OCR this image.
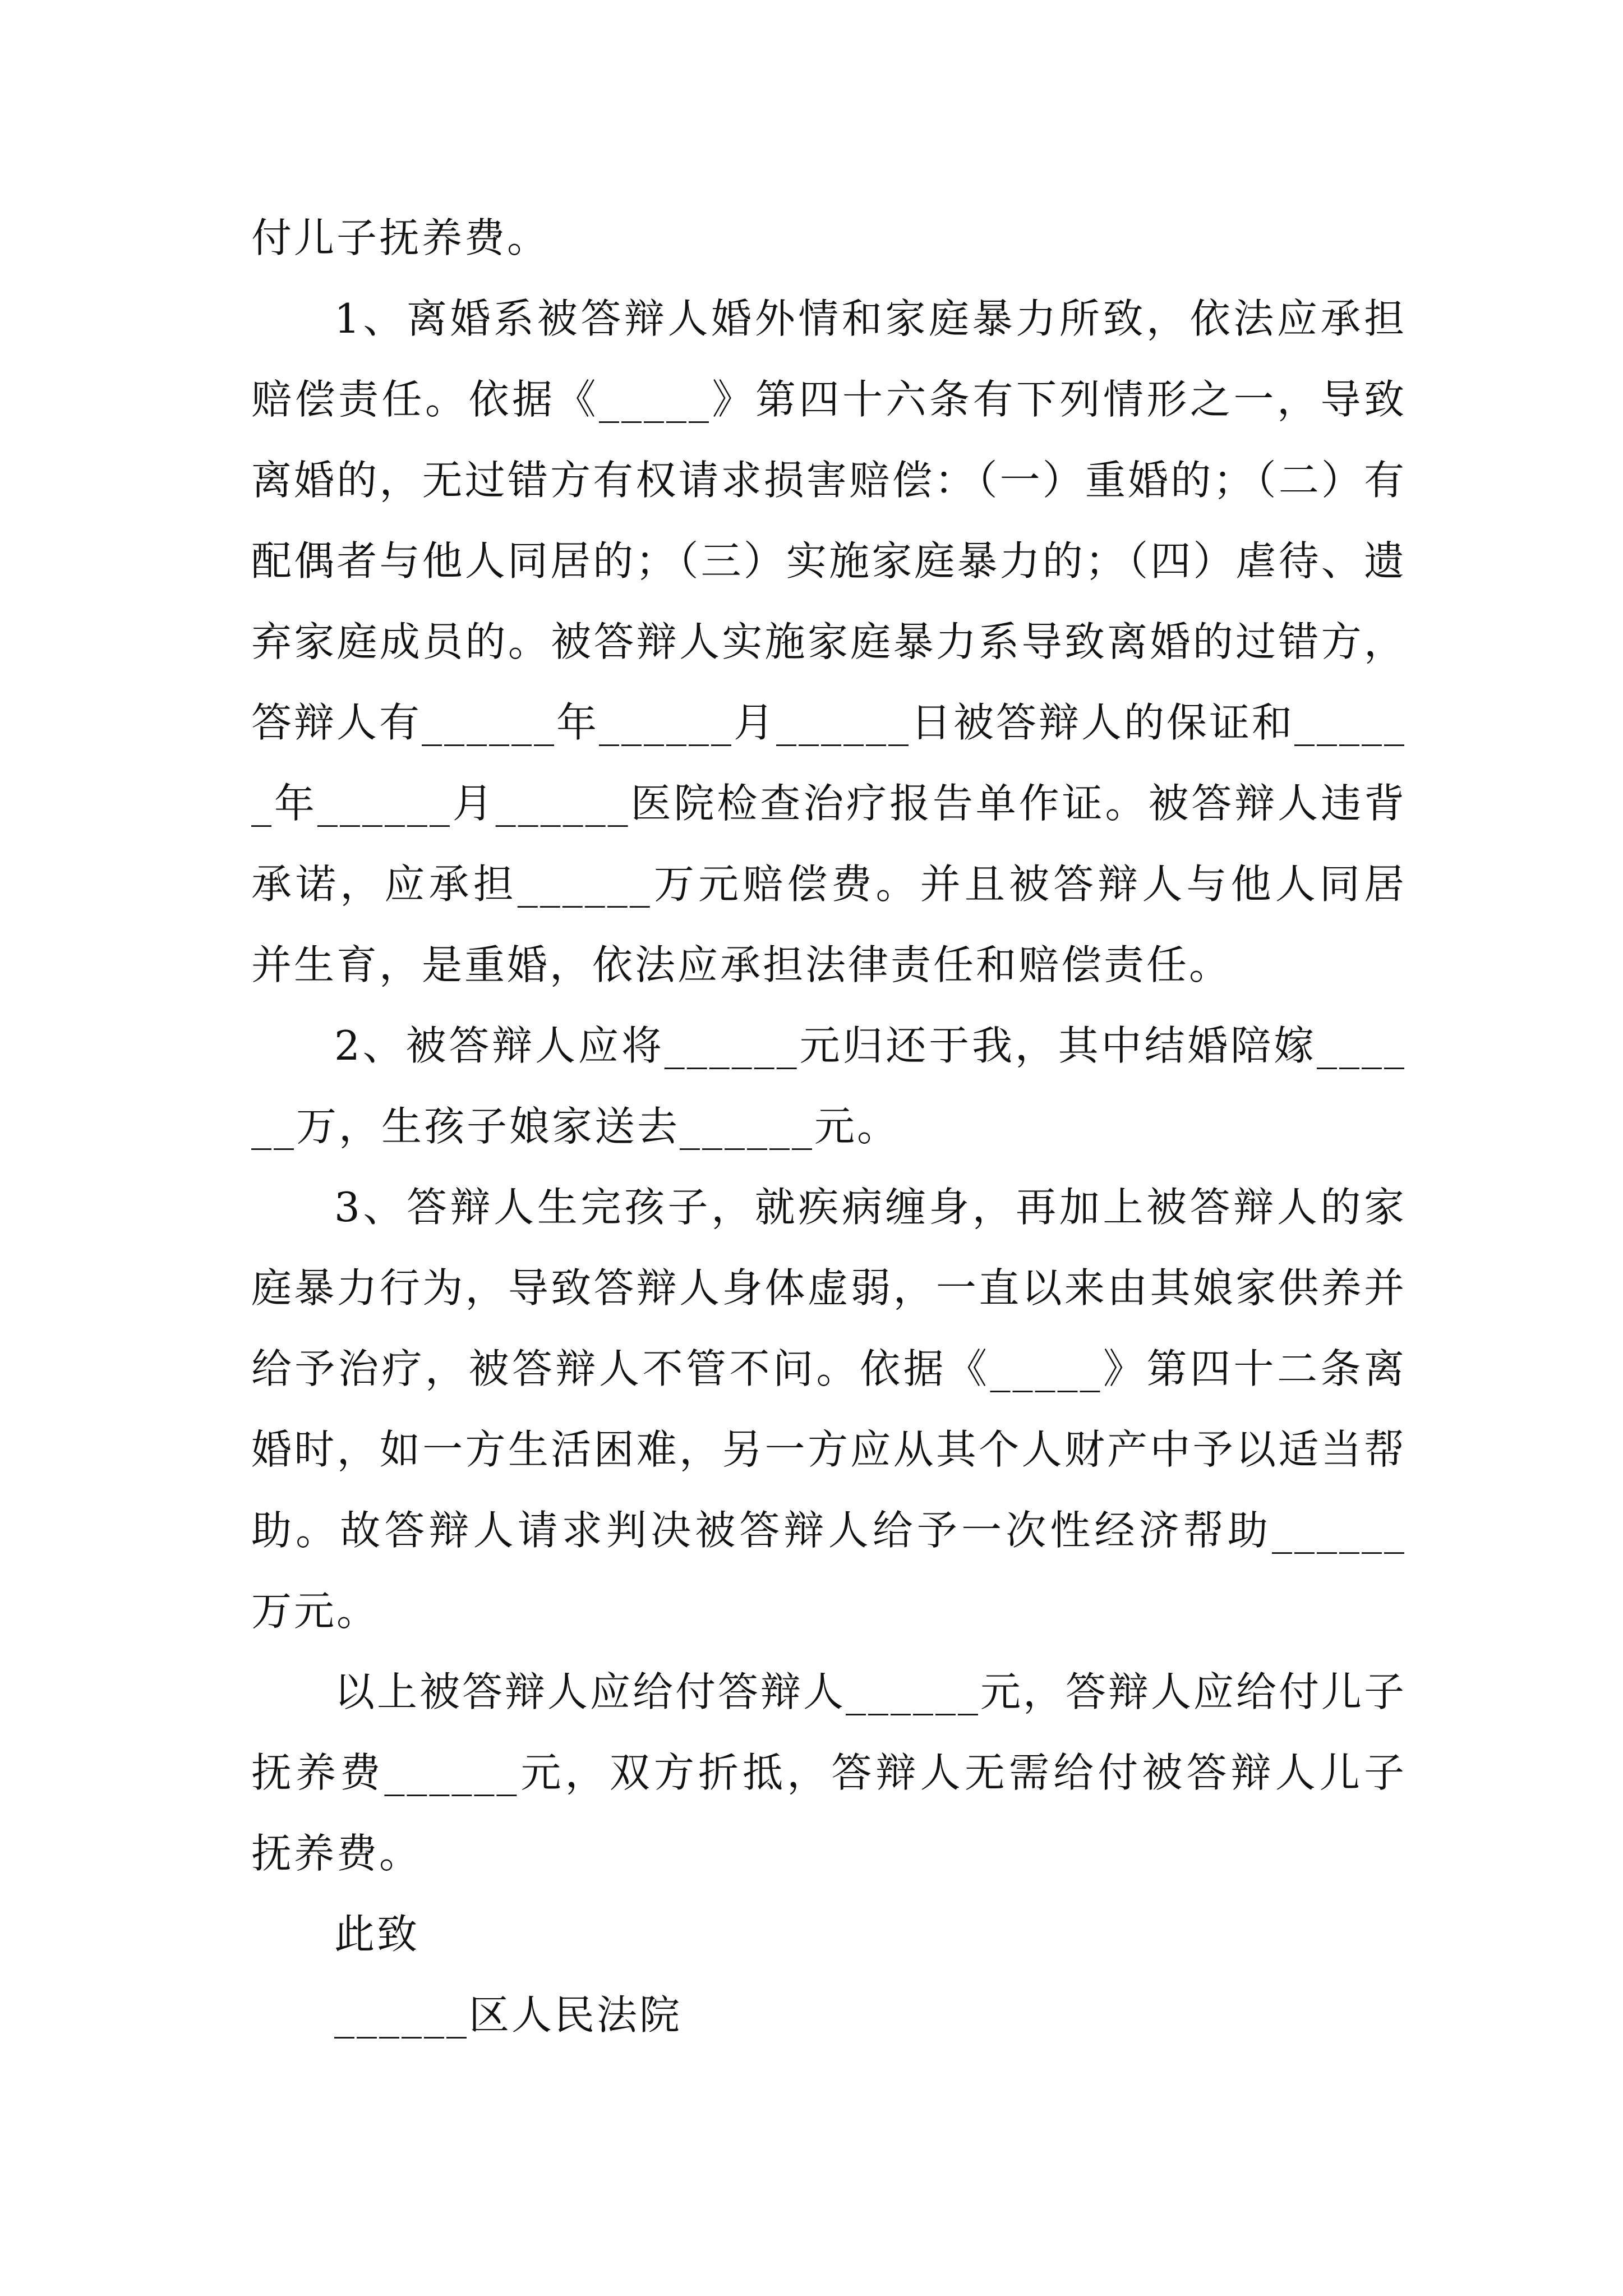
付儿子抚养费。

1、离婚系被答辩人婚外情和家庭暴力所致，依法应承担赔偿责任。依据《_____》第四十六条有下列情形之一，导致离婚的，无过错方有权请求损害赔偿：（一）重婚的；（二）有配偶者与他人同居的；（三）实施家庭暴力的；（四）虐待、遗弃家庭成员的。被答辩人实施家庭暴力系导致离婚的过错方，答辩人有______年______月______日被答辩人的保证和______年______月______医院检查治疗报告单作证。被答辩人违背承诺，应承担______万元赔偿费。并且被答辩人与他人同居并生育，是重婚，依法应承担法律责任和赔偿责任。

2、被答辩人应将______元归还于我，其中结婚陪嫁______万，生孩子娘家送去______元。

3、答辩人生完孩子，就疾病缠身，再加上被答辩人的家庭暴力行为，导致答辩人身体虚弱，一直以来由其娘家供养并给予治疗，被答辩人不管不问。依据《_____》第四十二条离婚时，如一方生活困难，另一方应从其个人财产中予以适当帮助。故答辩人请求判决被答辩人给予一次性经济帮助______万元。

以上被答辩人应给付答辩人______元，答辩人应给付儿子抚养费______元，双方折抵，答辩人无需给付被答辩人儿子抚养费。

此致

______区人民法院
